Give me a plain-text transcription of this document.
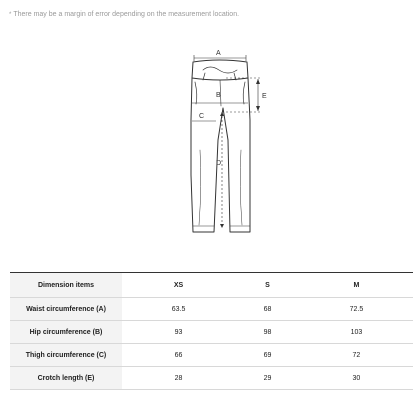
* There may be a margin of error depending on the measurement location.
A
B
C
D
E
Dimension items	XS	S	M
Waist circumference (A)	63.5	68	72.5
Hip circumference (B)	93	98	103
Thigh circumference (C)	66	69	72
Crotch length (E)	28	29	30
